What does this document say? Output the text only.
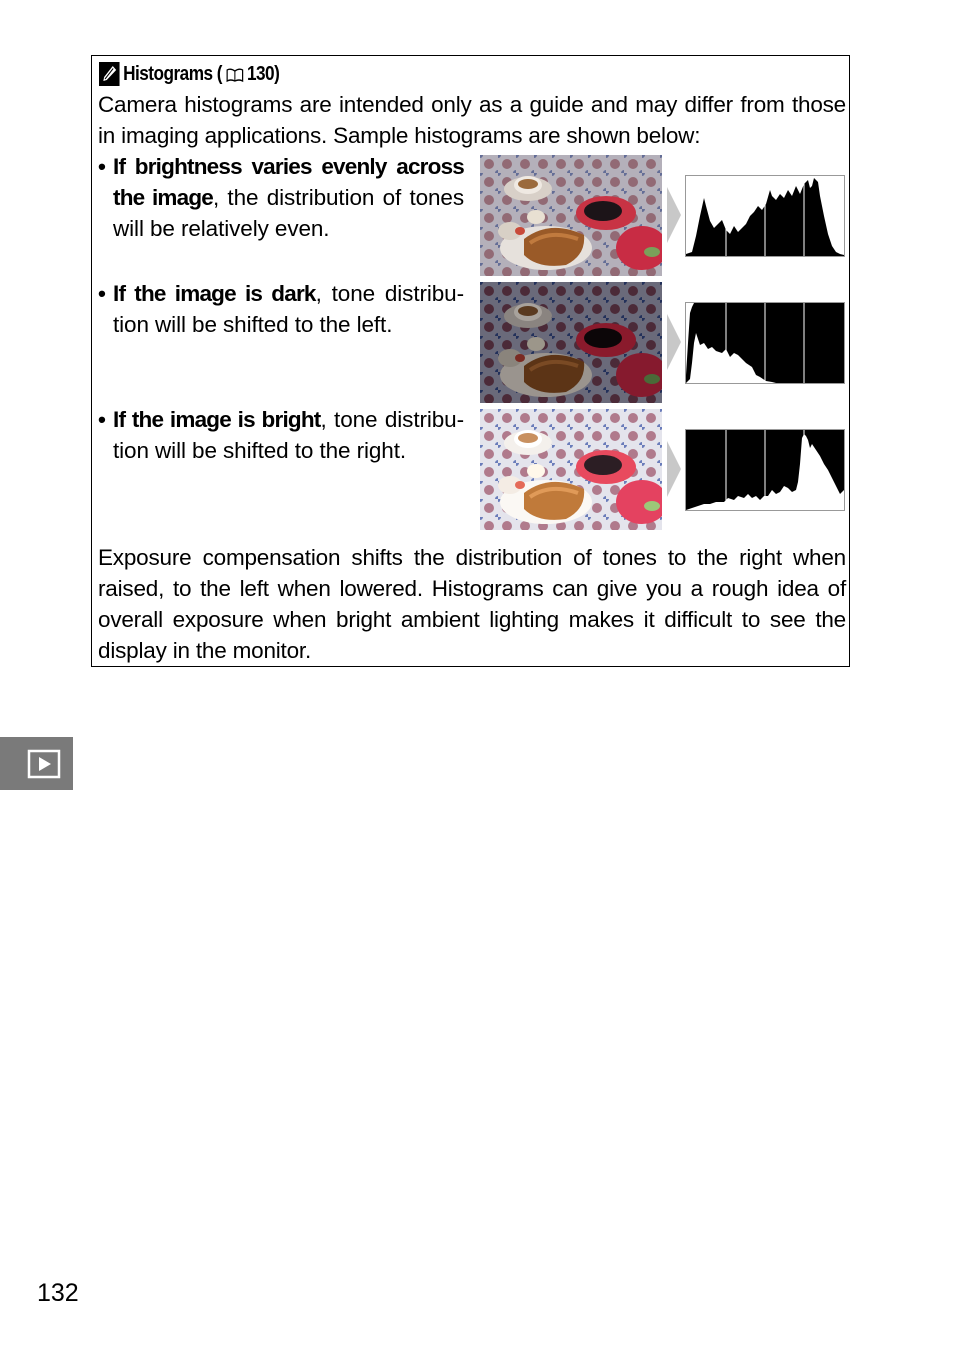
Histograms ( 130)
Camera histograms are intended only as a guide and may differ from those in imaging applications. Sample histograms are shown below:
• If brightness varies evenly across the image, the distribution of tones will be relatively even.
• If the image is dark, tone distribu-tion will be shifted to the left.
• If the image is bright, tone distribu-tion will be shifted to the right.
Exposure compensation shifts the distribution of tones to the right when raised, to the left when lowered. Histograms can give you a rough idea of overall exposure when bright ambient lighting makes it difficult to see the display in the monitor.
132
